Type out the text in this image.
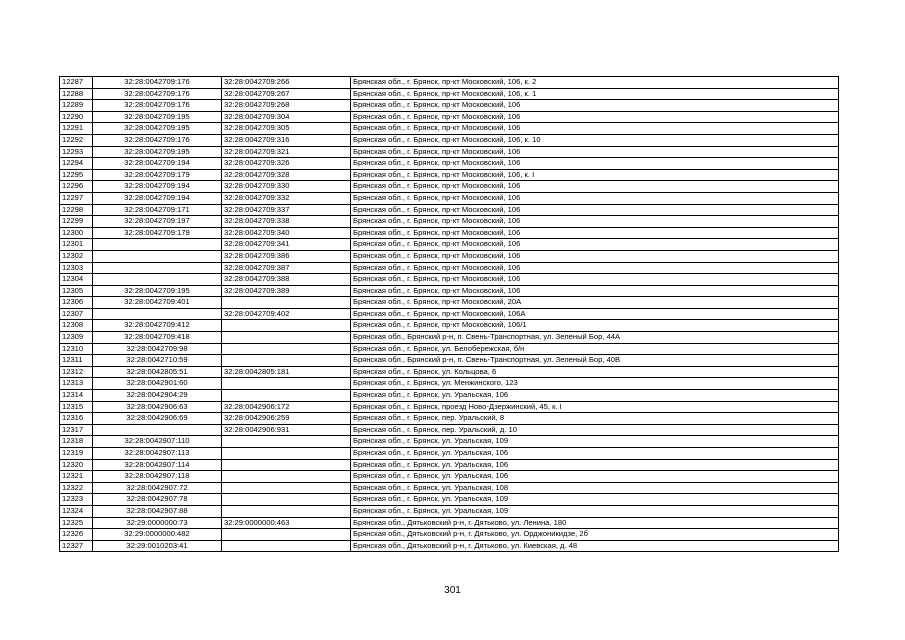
12287	32:28:0042709:176	32:28:0042709:266	Брянская обл., г. Брянск, пр-кт Московский, 106, к. 2
12288	32:28:0042709:176	32:28:0042709:267	Брянская обл., г. Брянск, пр-кт Московский, 106, к. 1
12289	32:28:0042709:176	32:28:0042709:268	Брянская обл., г. Брянск, пр-кт Московский, 106
12290	32:28:0042709:195	32:28:0042709:304	Брянская обл., г. Брянск, пр-кт Московский, 106
12291	32:28:0042709:195	32:28:0042709:305	Брянская обл., г. Брянск, пр-кт Московский, 106
12292	32:28:0042709:176	32:28:0042709:316	Брянская обл., г. Брянск, пр-кт Московский, 106, к. 10
12293	32:28:0042709:195	32:28:0042709:321	Брянская обл., г. Брянск, пр-кт Московский, 106
12294	32:28:0042709:194	32:28:0042709:326	Брянская обл., г. Брянск, пр-кт Московский, 106
12295	32:28:0042709:179	32:28:0042709:328	Брянская обл., г. Брянск, пр-кт Московский, 106, к. I
12296	32:28:0042709:194	32:28:0042709:330	Брянская обл., г. Брянск, пр-кт Московский, 106
12297	32:28:0042709:194	32:28:0042709:332	Брянская обл., г. Брянск, пр-кт Московский, 106
12298	32:28:0042709:171	32:28:0042709:337	Брянская обл., г. Брянск, пр-кт Московский, 106
12299	32:28:0042709:197	32:28:0042709:338	Брянская обл., г. Брянск, пр-кт Московский, 106
12300	32:28:0042709:179	32:28:0042709:340	Брянская обл., г. Брянск, пр-кт Московский, 106
12301		32:28:0042709:341	Брянская обл., г. Брянск, пр-кт Московский, 106
12302		32:28:0042709:386	Брянская обл., г. Брянск, пр-кт Московский, 106
12303		32:28:0042709:387	Брянская обл., г. Брянск, пр-кт Московский, 106
12304		32:28:0042709:388	Брянская обл., г. Брянск, пр-кт Московский, 106
12305	32:28:0042709:195	32:28:0042709:389	Брянская обл., г. Брянск, пр-кт Московский, 106
12306	32:28:0042709:401		Брянская обл., г. Брянск, пр-кт Московский, 20А
12307		32:28:0042709:402	Брянская обл., г. Брянск, пр-кт Московский, 106А
12308	32:28:0042709:412		Брянская обл., г. Брянск, пр-кт Московский, 106/1
12309	32:28:0042709:418		Брянская обл., Брянский р-н, п. Свень-Транспортная, ул. Зеленый Бор, 44А
12310	32:28:0042709:98		Брянская обл., г. Брянск, ул. Белобережская, б/н
12311	32:28:0042710:59		Брянская обл., Брянский р-н, п. Свень-Транспортная, ул. Зеленый Бор, 40В
12312	32:28:0042805:51	32:28:0042805:181	Брянская обл., г. Брянск, ул. Кольцова, 6
12313	32:28:0042901:60		Брянская обл., г. Брянск, ул. Менжинского, 123
12314	32:28:0042904:29		Брянская обл., г. Брянск, ул. Уральская, 106
12315	32:28:0042906:63	32:28:0042906:172	Брянская обл., г. Брянск, проезд Ново-Дзержинский, 45, к. I
12316	32:28:0042906:69	32:28:0042906:259	Брянская обл., г. Брянск, пер. Уральский, 8
12317		32:28:0042906:931	Брянская обл., г. Брянск, пер. Уральский, д. 10
12318	32:28:0042907:110		Брянская обл., г. Брянск, ул. Уральская, 109
12319	32:28:0042907:113		Брянская обл., г. Брянск, ул. Уральская, 106
12320	32:28:0042907:114		Брянская обл., г. Брянск, ул. Уральская, 106
12321	32:28:0042907:118		Брянская обл., г. Брянск, ул. Уральская, 106
12322	32:28:0042907:72		Брянская обл., г. Брянск, ул. Уральская, 108
12323	32:28:0042907:78		Брянская обл., г. Брянск, ул. Уральская, 109
12324	32:28:0042907:88		Брянская обл., г. Брянск, ул. Уральская, 109
12325	32:29:0000000:73	32:29:0000000:463	Брянская обл., Дятьковский р-н, г. Дятьково, ул. Ленина, 180
12326	32:29:0000000:482		Брянская обл., Дятьковский р-н, г. Дятьково, ул. Орджоникидзе, 2б
12327	32:29:0010203:41		Брянская обл., Дятьковский р-н, г. Дятьково, ул. Киевская, д. 48
301
